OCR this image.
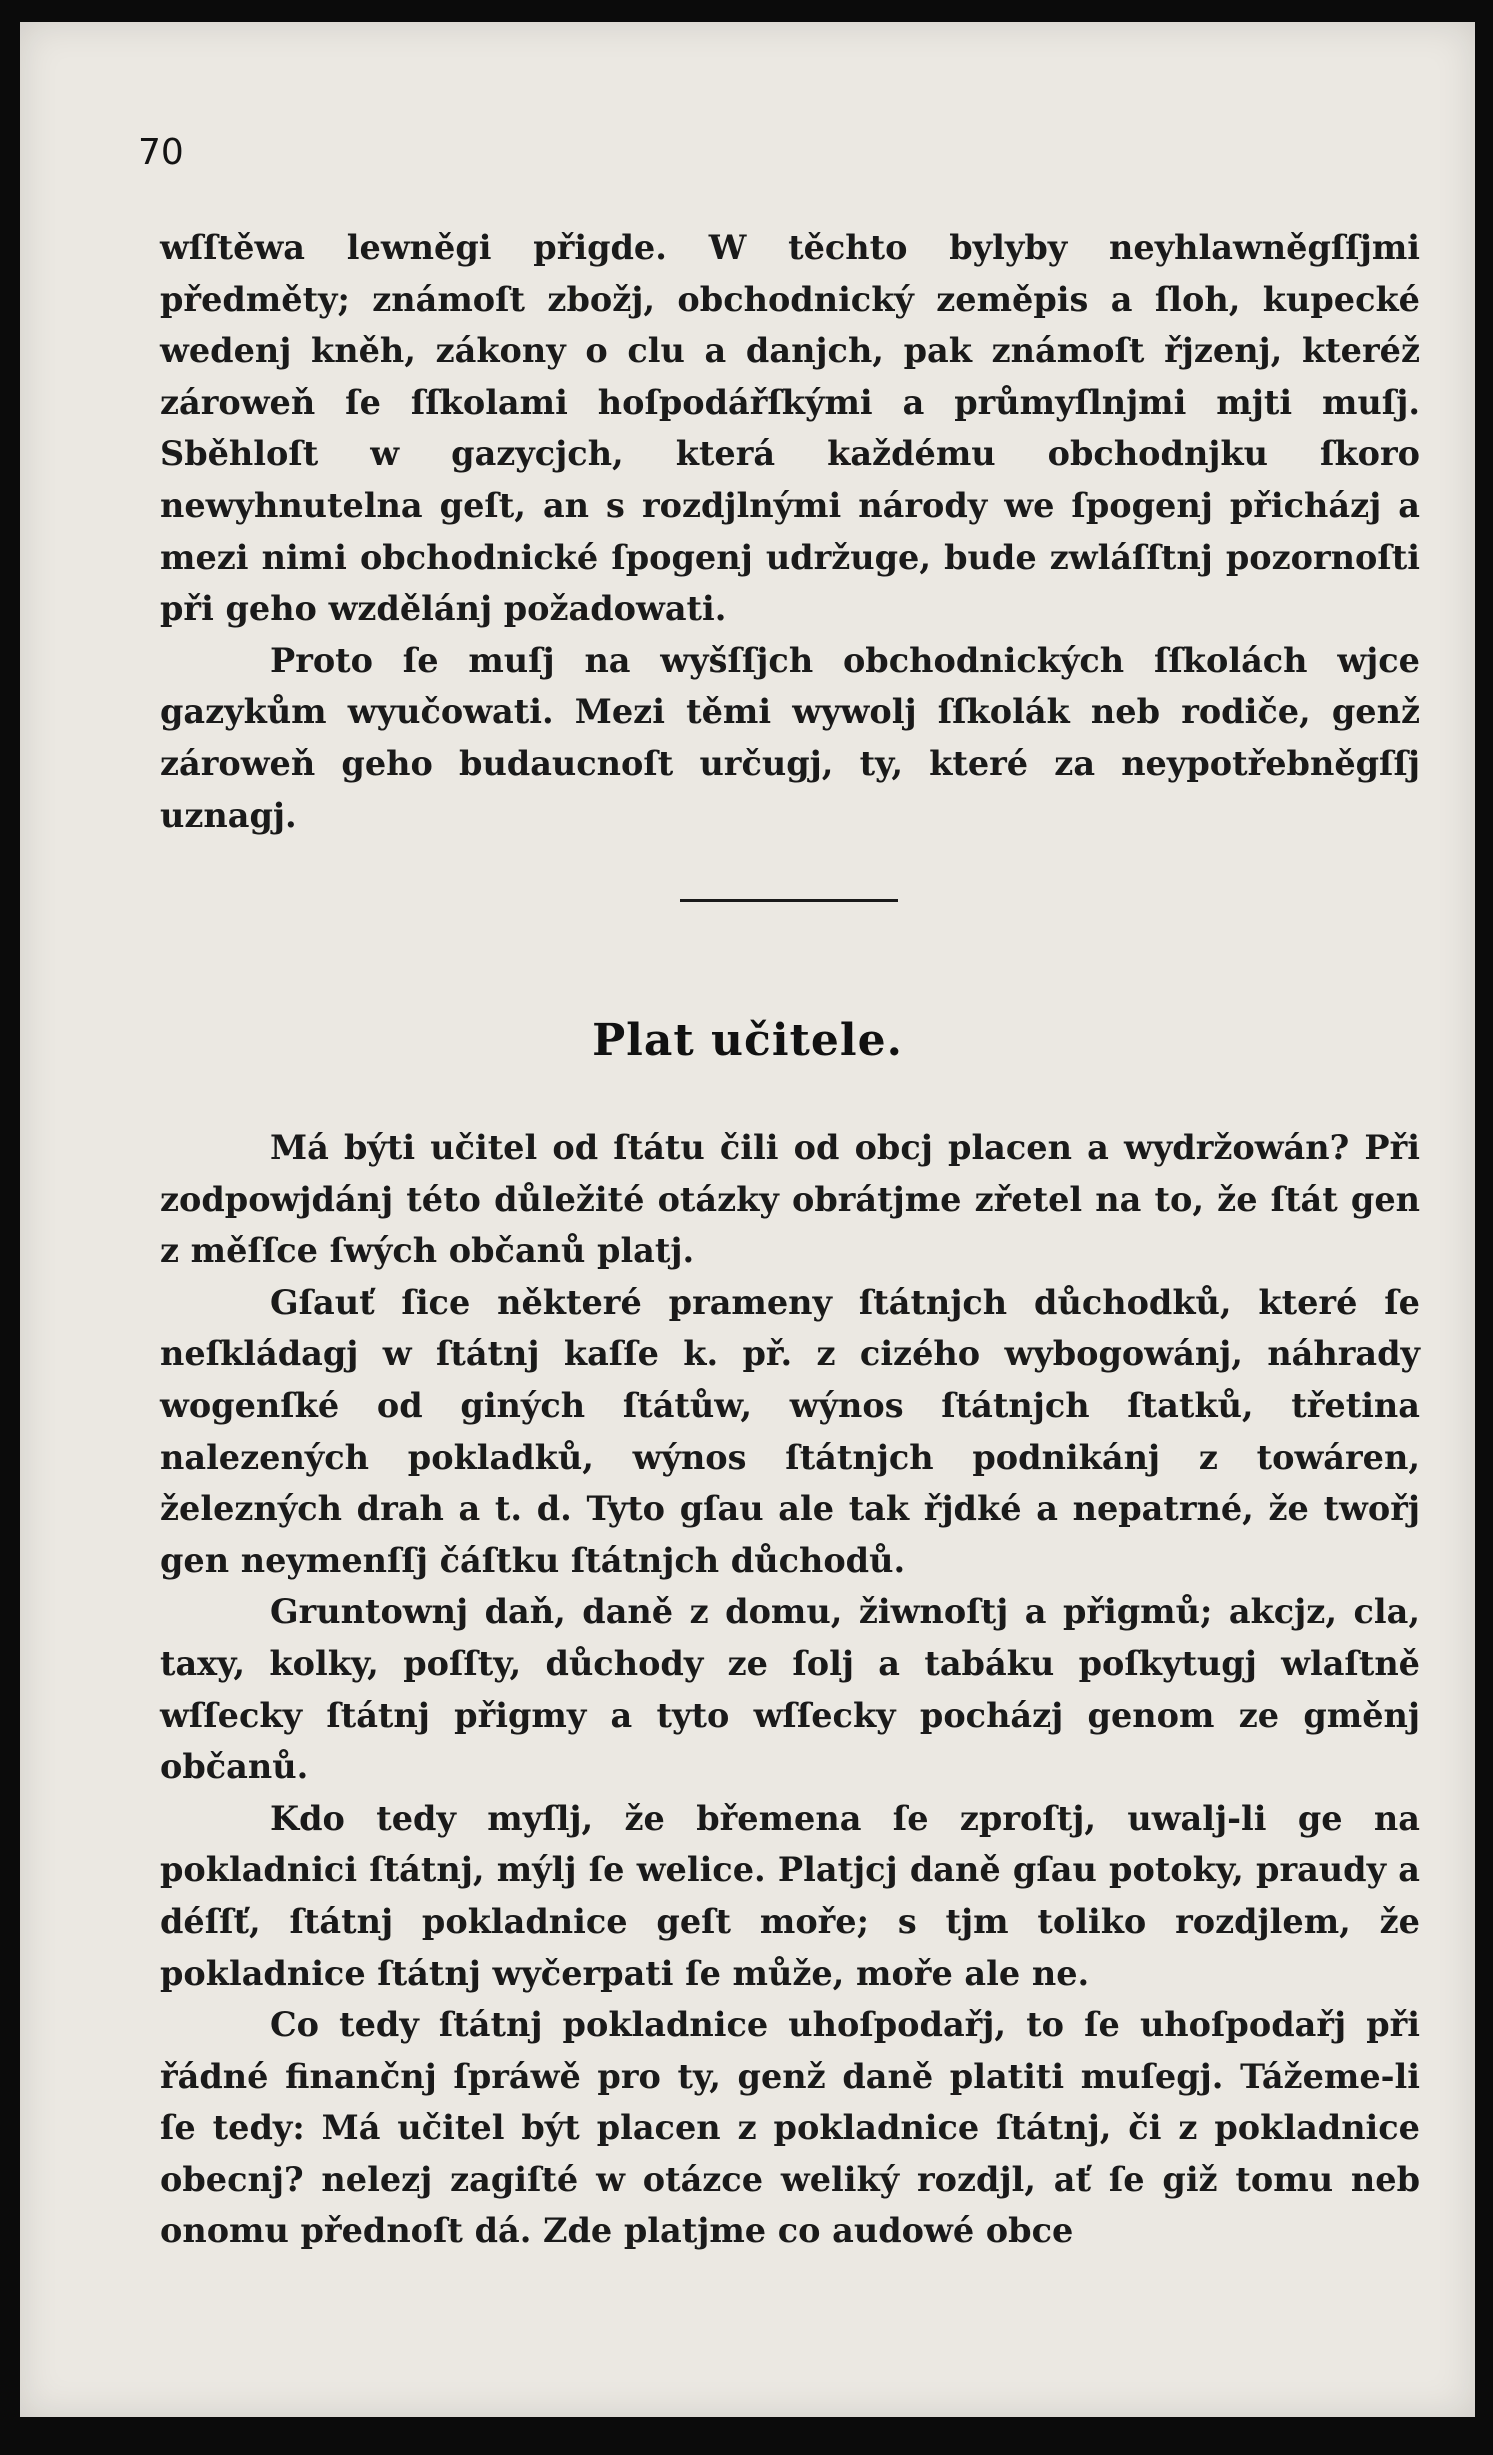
70

wſſtěwa lewněgi přigde. W těchto bylyby neyhlawněgſſjmi předměty; známoſt zbožj, obchodnický zeměpis a ſloh, kupecké wedenj kněh, zákony o clu a danjch, pak známoſt řjzenj, kteréž zároweň ſe ſſkolami hoſpodářſkými a průmyſlnjmi mjti muſj. Sběhloſt w gazycjch, která každému obchodnjku ſkoro newyhnutelna geſt, an s rozdjlnými národy we ſpogenj přicházj a mezi nimi obchodnické ſpogenj udržuge, bude zwláſſtnj pozornoſti při geho wzdělánj požadowati.

Proto ſe muſj na wyšſſjch obchodnických ſſkolách wjce gazykům wyučowati. Mezi těmi wywolj ſſkolák neb rodiče, genž zároweň geho budaucnoſt určugj, ty, které za neypotřebněgſſj uznagj.

Plat učitele.

Má býti učitel od ſtátu čili od obcj placen a wydržowán? Při zodpowjdánj této důležité otázky obrátjme zřetel na to, že ſtát gen z měſſce ſwých občanů platj.

Gſauť ſice některé prameny ſtátnjch důchodků, které ſe neſkládagj w ſtátnj kaſſe k. př. z cizého wybogowánj, náhrady wogenſké od giných ſtátůw, wýnos ſtátnjch ſtatků, třetina nalezených pokladků, wýnos ſtátnjch podnikánj z towáren, železných drah a t. d. Tyto gſau ale tak řjdké a nepatrné, že twořj gen neymenſſj čáſtku ſtátnjch důchodů.

Gruntownj daň, daně z domu, žiwnoſtj a přigmů; akcjz, cla, taxy, kolky, poſſty, důchody ze ſolj a tabáku poſkytugj wlaſtně wſſecky ſtátnj přigmy a tyto wſſecky pocházj genom ze gměnj občanů.

Kdo tedy myſlj, že břemena ſe zproſtj, uwalj-li ge na pokladnici ſtátnj, mýlj ſe welice. Platjcj daně gſau potoky, praudy a déſſť, ſtátnj pokladnice geſt moře; s tjm toliko rozdjlem, že pokladnice ſtátnj wyčerpati ſe může, moře ale ne.

Co tedy ſtátnj pokladnice uhoſpodařj, to ſe uhoſpodařj při řádné finančnj ſpráwě pro ty, genž daně platiti muſegj. Tážeme-li ſe tedy: Má učitel být placen z pokladnice ſtátnj, či z pokladnice obecnj? nelezj zagiſté w otázce weliký rozdjl, ať ſe giž tomu neb onomu přednoſt dá. Zde platjme co audowé obce
